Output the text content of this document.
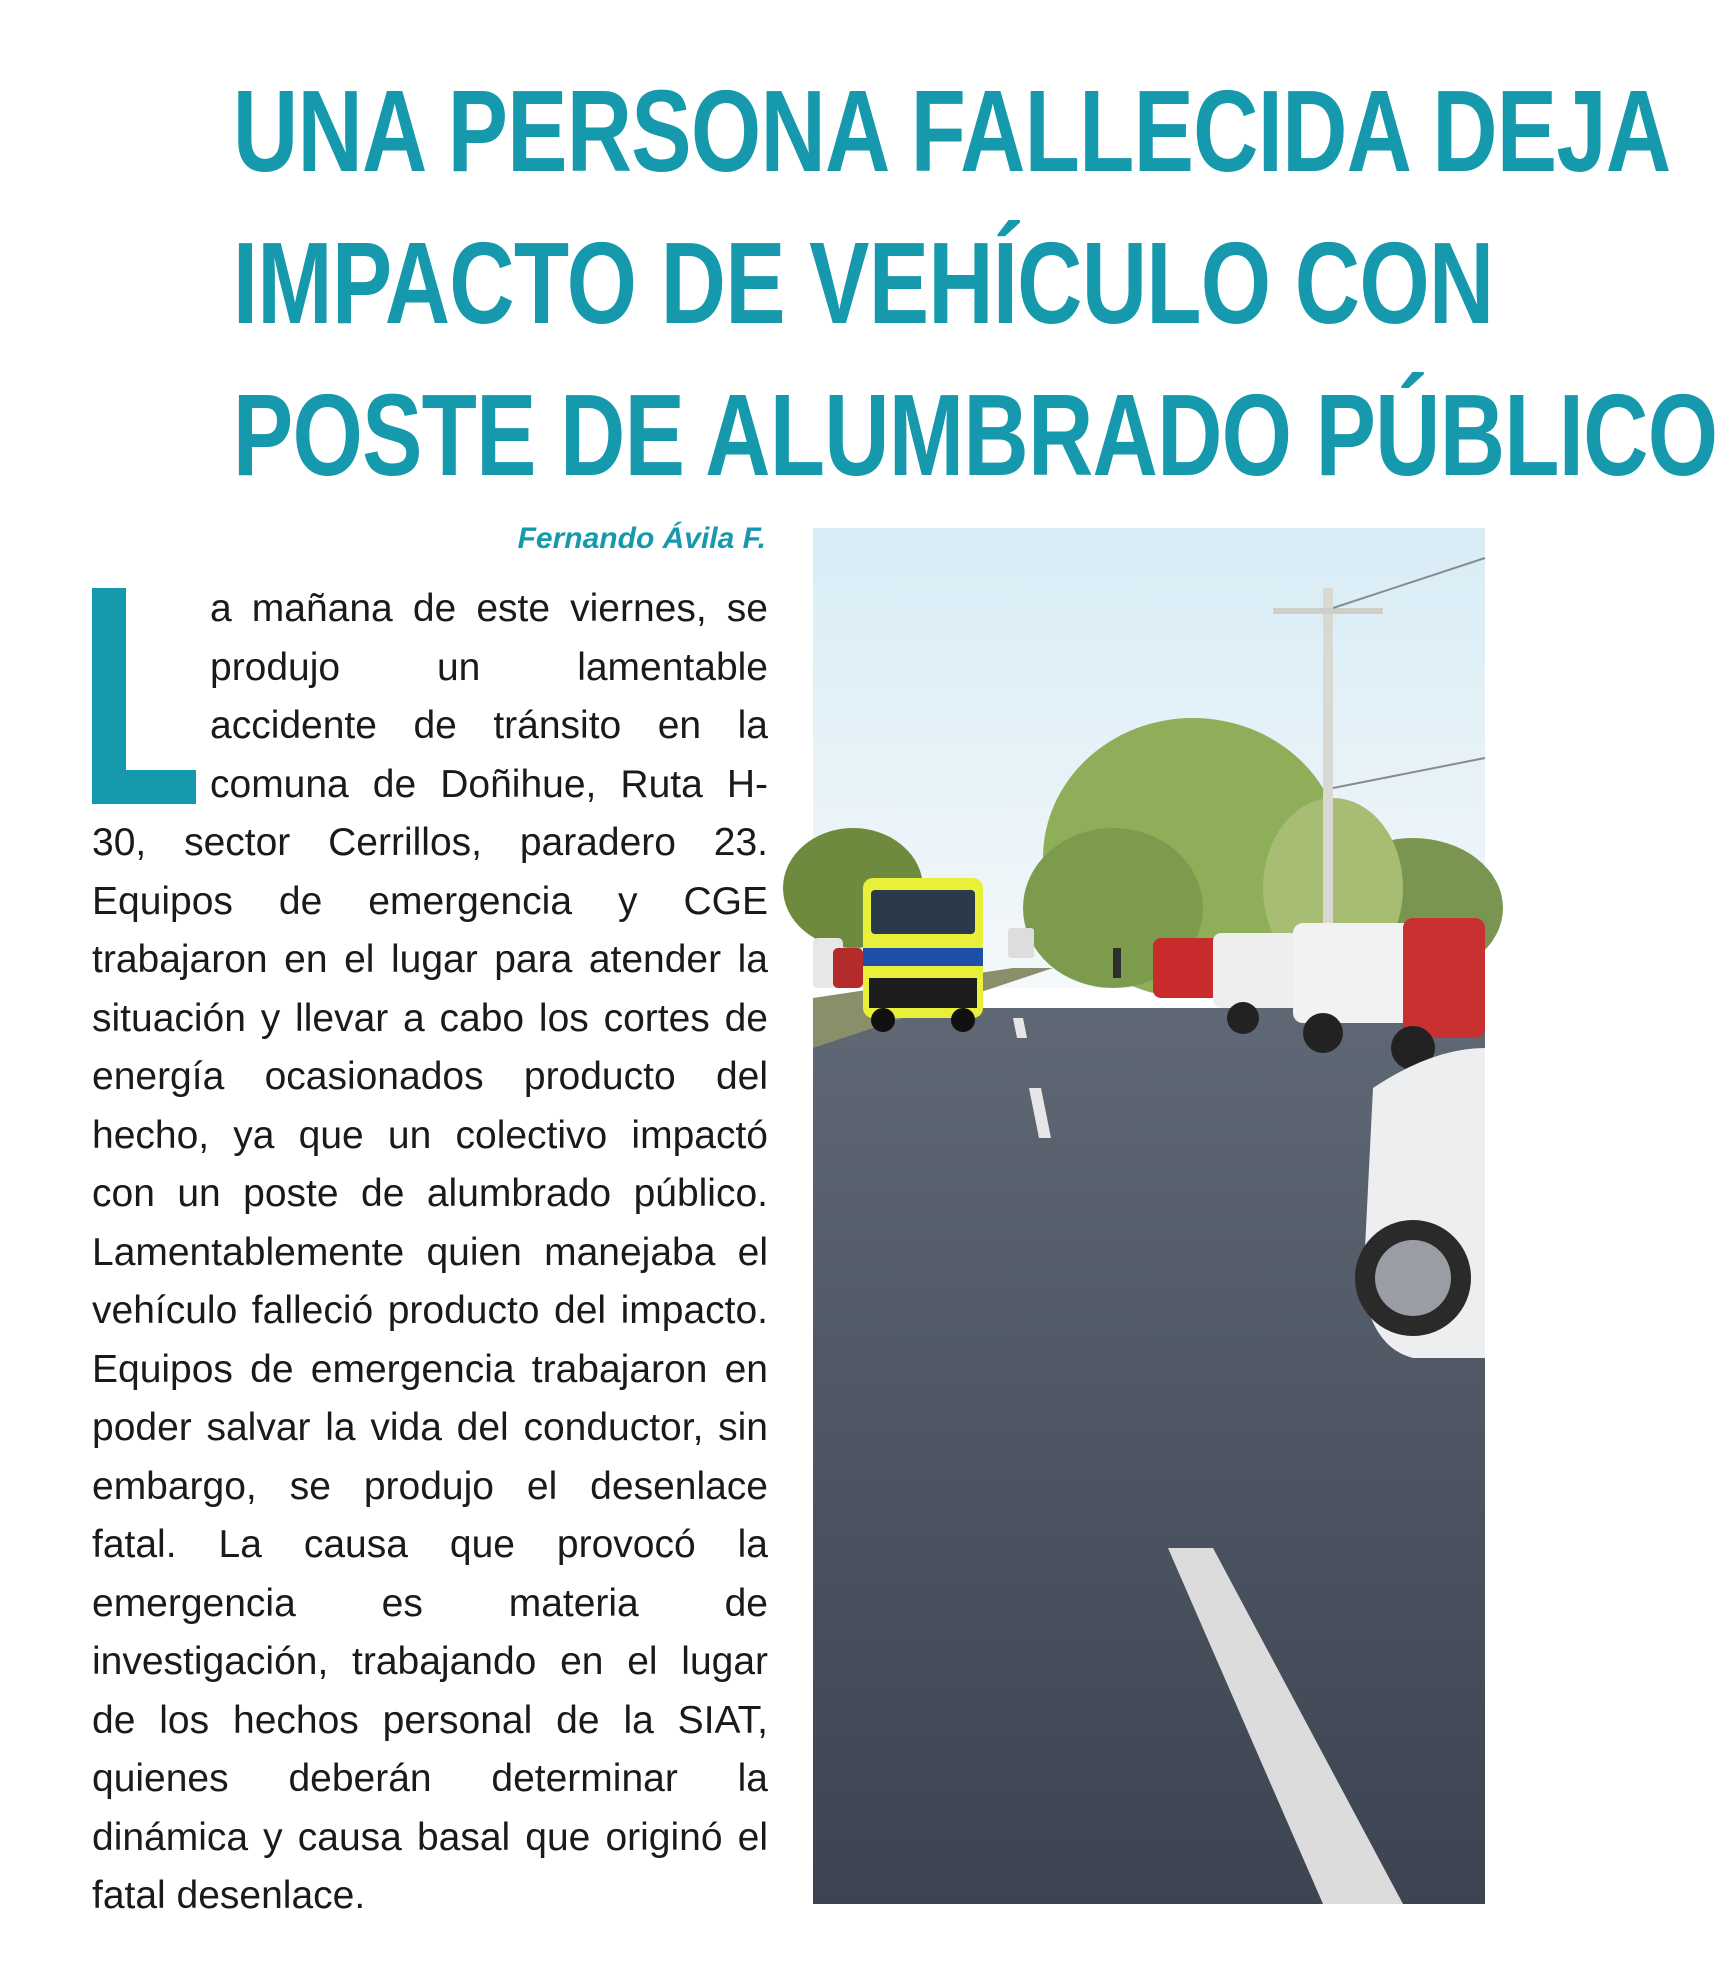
UNA PERSONA FALLECIDA DEJA
IMPACTO DE VEHÍCULO CON
POSTE DE ALUMBRADO PÚBLICO
Fernando Ávila F.
a mañana de este viernes, se produjo un lamentable accidente de tránsito en la comuna de Doñihue, Ruta H-30, sector Cerrillos, paradero 23. Equipos de emergencia y CGE trabajaron en el lugar para atender la situación y llevar a cabo los cortes de energía ocasionados producto del hecho, ya que un colectivo impactó con un poste de alumbrado público. Lamentablemente quien manejaba el vehículo falleció producto del impacto. Equipos de emergencia trabajaron en poder salvar la vida del conductor, sin embargo, se produjo el desenlace fatal. La causa que provocó la emergencia es materia de investigación, trabajando en el lugar de los hechos personal de la SIAT, quienes deberán determinar la dinámica y causa basal que originó el fatal desenlace.
